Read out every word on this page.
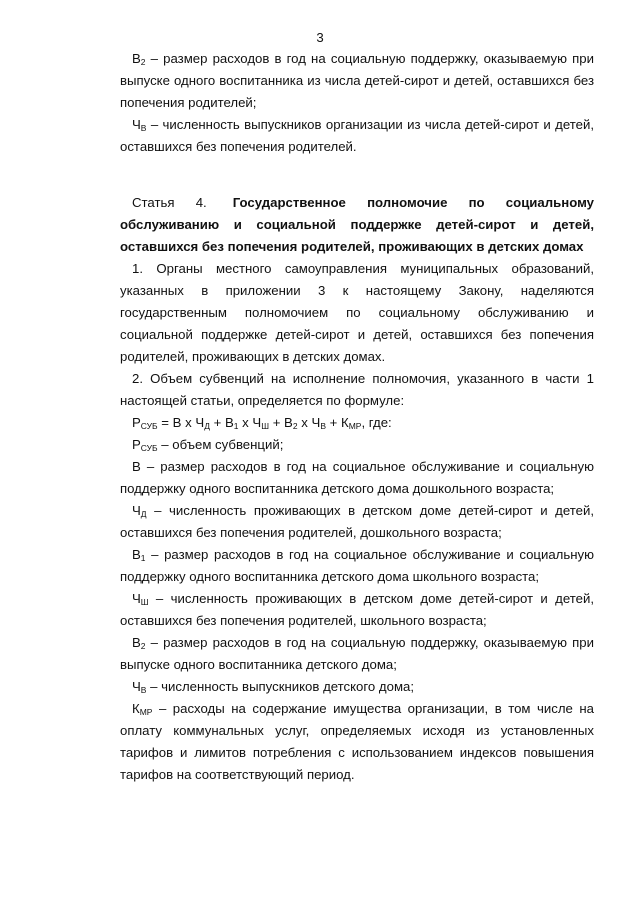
3

$В_2$ – размер расходов в год на социальную поддержку, оказываемую при выпуске одного воспитанника из числа детей-сирот и детей, оставшихся без попечения родителей;

$Ч_В$ – численность выпускников организации из числа детей-сирот и детей, оставшихся без попечения родителей.

Статья 4. Государственное полномочие по социальному обслуживанию и социальной поддержке детей-сирот и детей, оставшихся без попечения родителей, проживающих в детских домах

1. Органы местного самоуправления муниципальных образований, указанных в приложении 3 к настоящему Закону, наделяются государственным полномочием по социальному обслуживанию и социальной поддержке детей-сирот и детей, оставшихся без попечения родителей, проживающих в детских домах.

2. Объем субвенций на исполнение полномочия, указанного в части 1 настоящей статьи, определяется по формуле:

$Р_{СУБ} = В$ х $Ч_Д + В_1$ х $Ч_Ш + В_2$ х $Ч_В + К_{МР}$, где:

$Р_{СУБ}$ – объем субвенций;

В – размер расходов в год на социальное обслуживание и социальную поддержку одного воспитанника детского дома дошкольного возраста;

$Ч_Д$ – численность проживающих в детском доме детей-сирот и детей, оставшихся без попечения родителей, дошкольного возраста;

$В_1$ – размер расходов в год на социальное обслуживание и социальную поддержку одного воспитанника детского дома школьного возраста;

$Ч_Ш$ – численность проживающих в детском доме детей-сирот и детей, оставшихся без попечения родителей, школьного возраста;

$В_2$ – размер расходов в год на социальную поддержку, оказываемую при выпуске одного воспитанника детского дома;

$Ч_В$ – численность выпускников детского дома;

$К_{МР}$ – расходы на содержание имущества организации, в том числе на оплату коммунальных услуг, определяемых исходя из установленных тарифов и лимитов потребления с использованием индексов повышения тарифов на соответствующий период.
